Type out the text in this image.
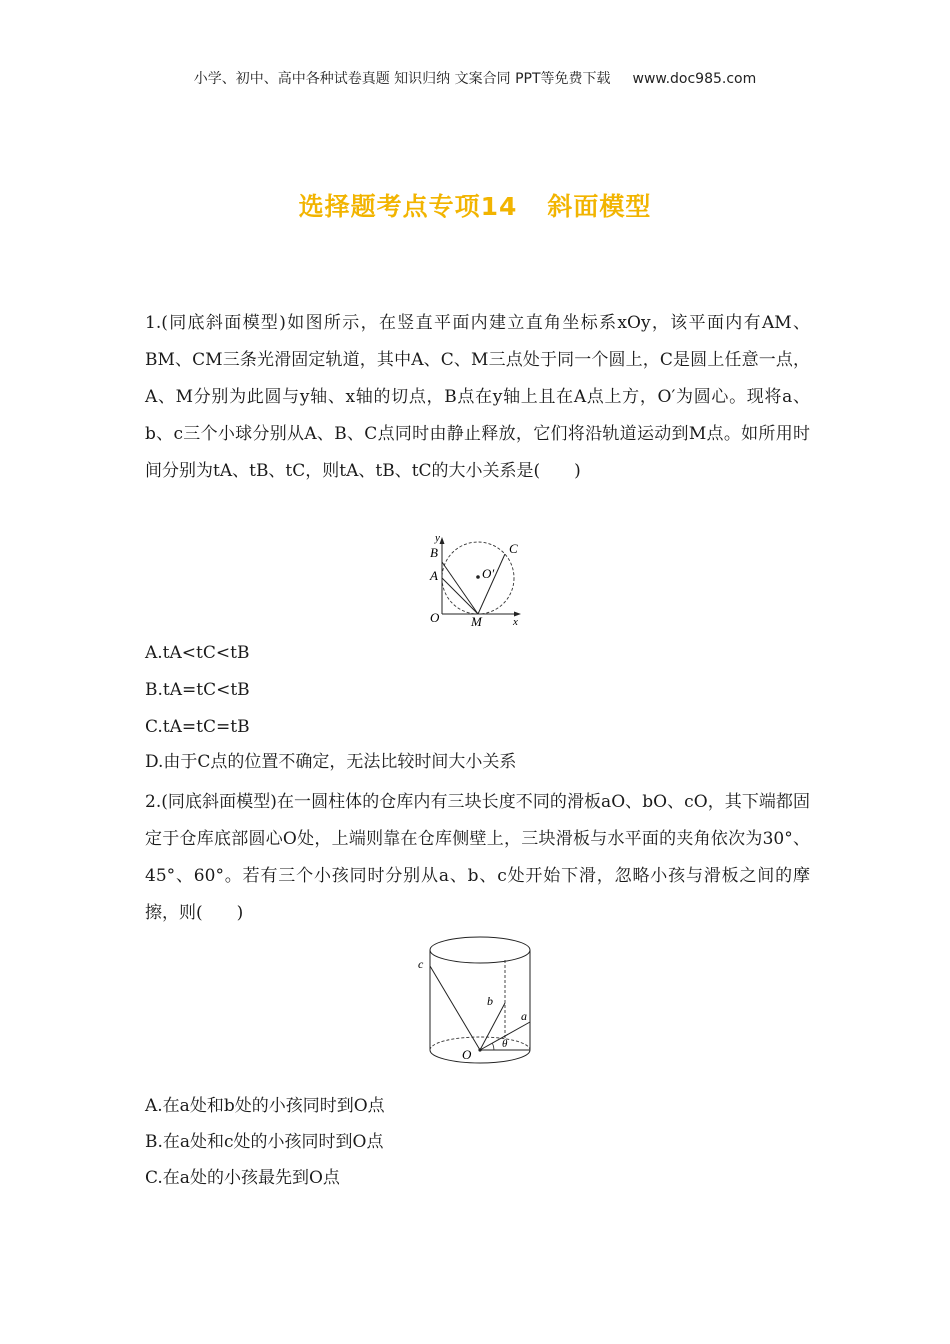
小学、初中、高中各种试卷真题 知识归纳 文案合同 PPT等免费下载 www.doc985.com
选择题考点专项14 斜面模型
1.(同底斜面模型)如图所示，在竖直平面内建立直角坐标系xOy，该平面内有AM、BM、CM三条光滑固定轨道，其中A、C、M三点处于同一个圆上，C是圆上任意一点，A、M分别为此圆与y轴、x轴的切点，B点在y轴上且在A点上方，O′为圆心。现将a、b、c三个小球分别从A、B、C点同时由静止释放，它们将沿轨道运动到M点。如所用时间分别为tA、tB、tC，则tA、tB、tC的大小关系是(　　)
y
B
A
C
O′
O M	x
A.tA<tC<tB
B.tA=tC<tB
C.tA=tC=tB
D.由于C点的位置不确定，无法比较时间大小关系
2.(同底斜面模型)在一圆柱体的仓库内有三块长度不同的滑板aO、bO、cO，其下端都固定于仓库底部圆心O处，上端则靠在仓库侧壁上，三块滑板与水平面的夹角依次为30°、45°、60°。若有三个小孩同时分别从a、b、c处开始下滑，忽略小孩与滑板之间的摩擦，则(　　)
c
b
a
O
θ
A.在a处和b处的小孩同时到O点
B.在a处和c处的小孩同时到O点
C.在a处的小孩最先到O点
